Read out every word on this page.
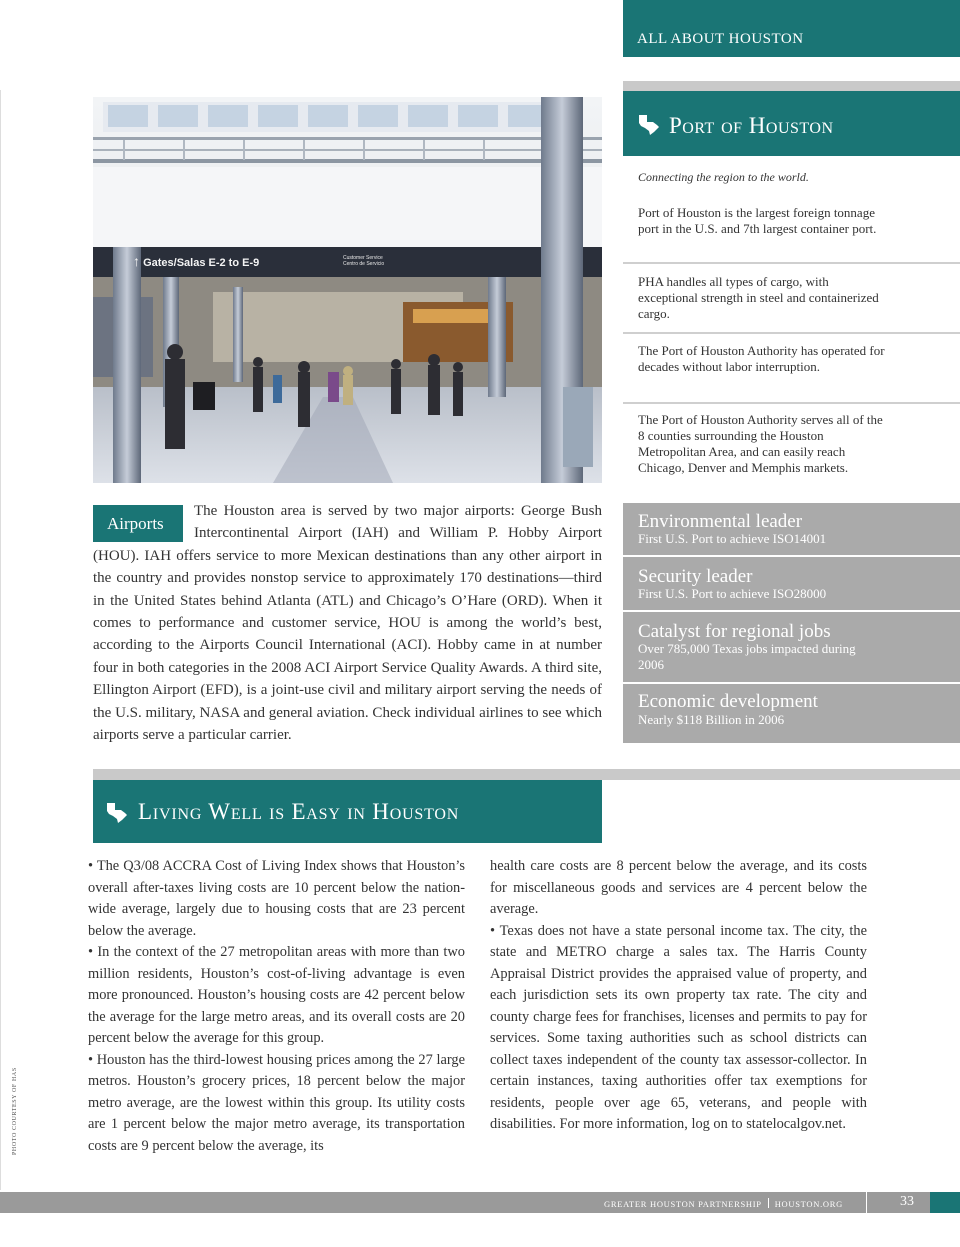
ALL ABOUT HOUSTON
Port of Houston
Connecting the region to the world.
Port of Houston is the largest foreign tonnage port in the U.S. and 7th largest container port.
PHA handles all types of cargo, with exceptional strength in steel and containerized cargo.
The Port of Houston Authority has operated for decades without labor interruption.
The Port of Houston Authority serves all of the 8 counties surrounding the Houston Metropolitan Area, and can easily reach Chicago, Denver and Memphis markets.
Environmental leader
First U.S. Port to achieve ISO14001
Security leader
First U.S. Port to achieve ISO28000
Catalyst for regional jobs
Over 785,000 Texas jobs impacted during 2006
Economic development
Nearly $118 Billion in 2006
↑ Gates/Salas E-2 to E-9	Customer Service
Centro de Servicio
Airports
The Houston area is served by two major airports: George Bush Intercontinental Airport (IAH) and William P. Hobby Airport (HOU). IAH offers service to more Mexican destinations than any other airport in the country and provides nonstop service to approximately 170 destinations—third in the United States behind Atlanta (ATL) and Chicago’s O’Hare (ORD). When it comes to performance and customer service, HOU is among the world’s best, according to the Airports Council International (ACI). Hobby came in at number four in both categories in the 2008 ACI Airport Service Quality Awards. A third site, Ellington Airport (EFD), is a joint-use civil and military airport serving the needs of the U.S. military, NASA and general aviation. Check individual airlines to see which airports serve a particular carrier.
Living Well is Easy in Houston

• The Q3/08 ACCRA Cost of Living Index shows that Houston’s overall after-taxes living costs are 10 percent below the nation-wide average, largely due to housing costs that are 23 percent below the average.

• In the context of the 27 metropolitan areas with more than two million residents, Houston’s cost-of-living advantage is even more pronounced. Houston’s housing costs are 42 percent below the average for the large metro areas, and its overall costs are 20 percent below the average for this group.

• Houston has the third-lowest housing prices among the 27 large metros. Houston’s grocery prices, 18 percent below the major metro average, are the lowest within this group. Its utility costs are 1 percent below the major metro average, its transportation costs are 9 percent below the average, its

health care costs are 8 percent below the average, and its costs for miscellaneous goods and services are 4 percent below the average.

• Texas does not have a state personal income tax. The city, the state and METRO charge a sales tax. The Harris County Appraisal District provides the appraised value of property, and each jurisdiction sets its own property tax rate. The city and county charge fees for franchises, licenses and permits to pay for services. Some taxing authorities such as school districts can collect taxes independent of the county tax assessor-collector. In certain instances, taxing authorities offer tax exemptions for residents, people over age 65, veterans, and people with disabilities. For more information, log on to statelocalgov.net.

PHOTO COURTESY OF HAS
GREATER HOUSTON PARTNERSHIP HOUSTON.ORG	33
